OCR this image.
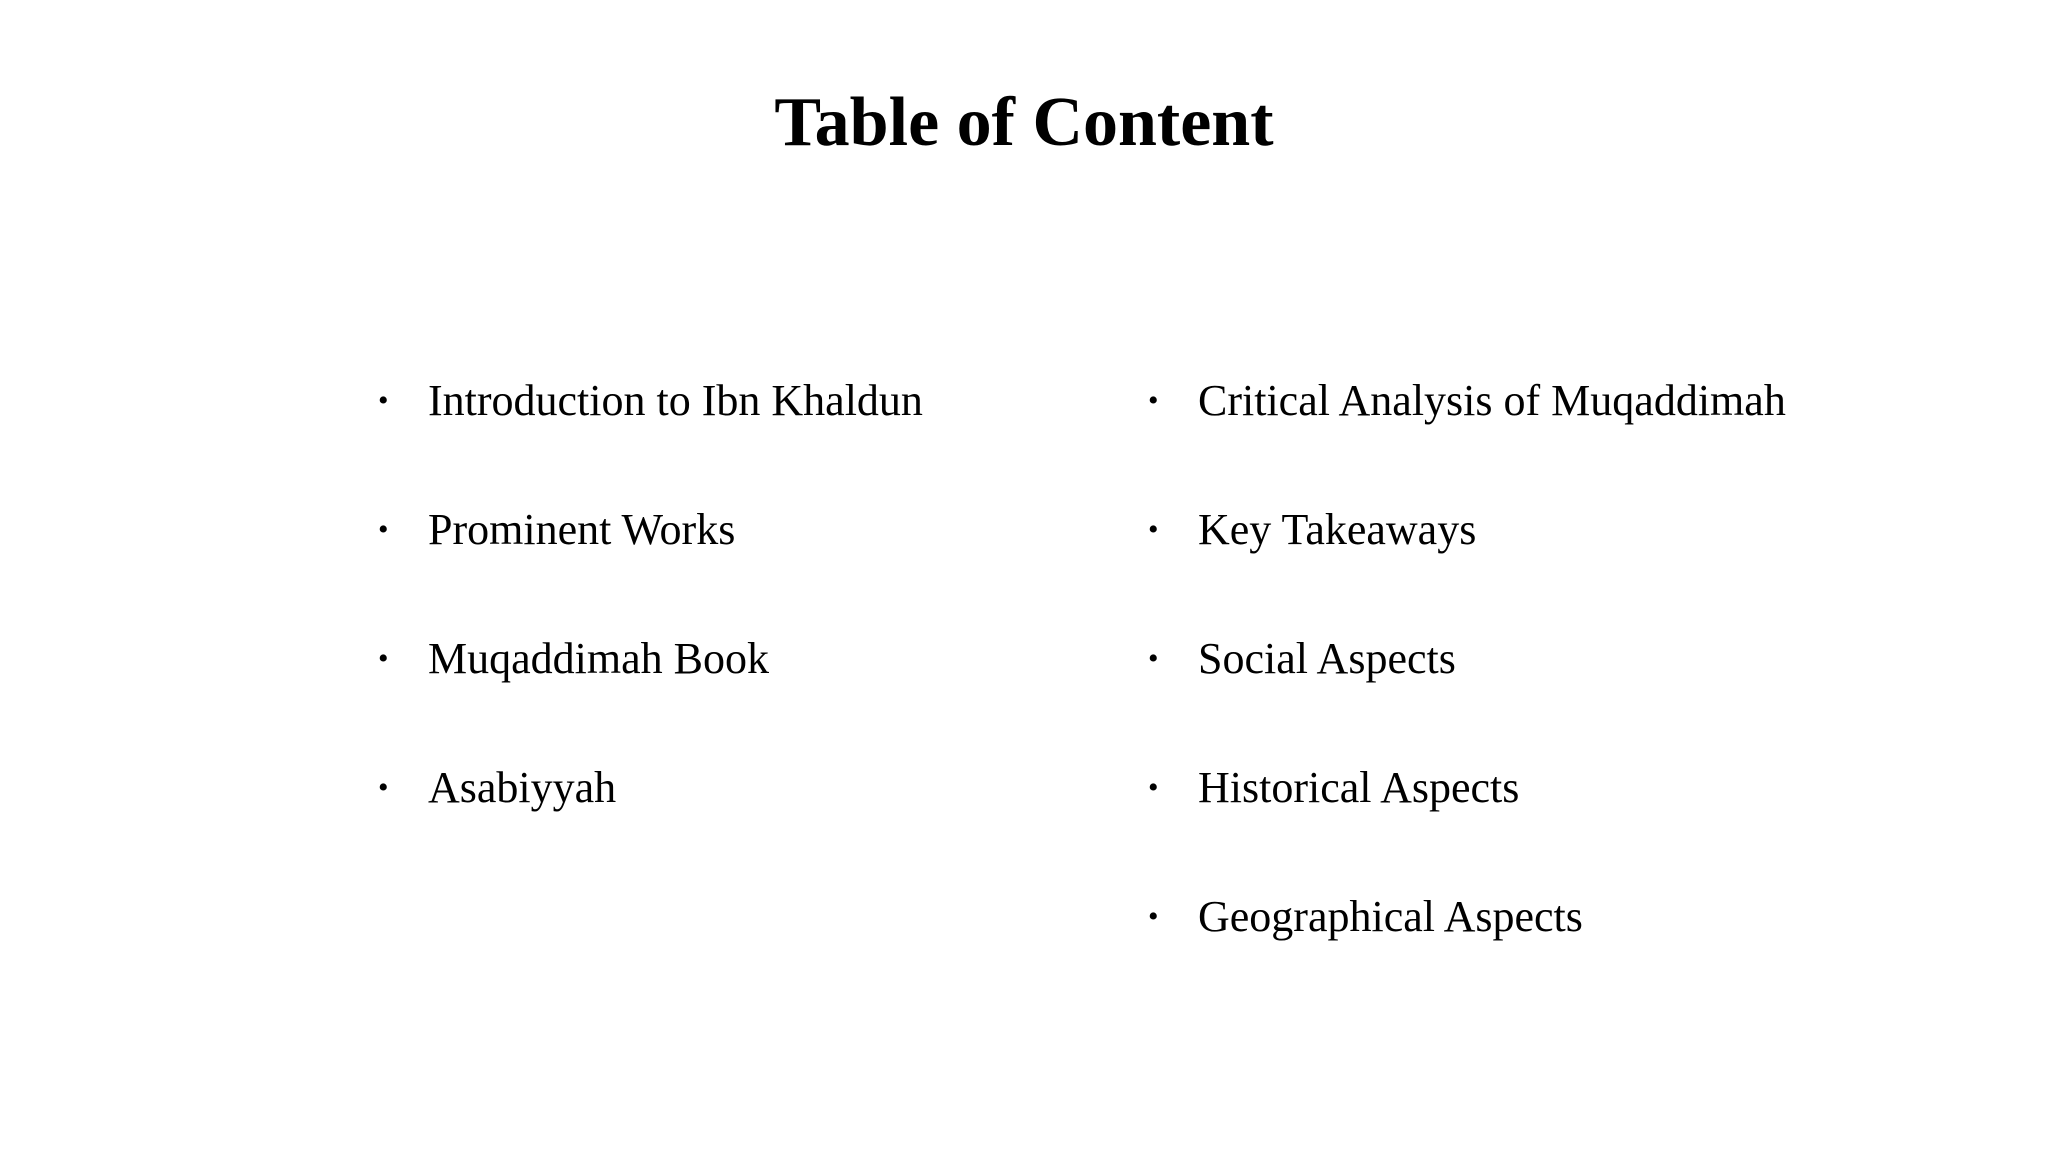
Table of Content
• Introduction to Ibn Khaldun
• Prominent Works
• Muqaddimah Book
• Asabiyyah
• Critical Analysis of Muqaddimah
• Key Takeaways
• Social Aspects
• Historical Aspects
• Geographical Aspects
